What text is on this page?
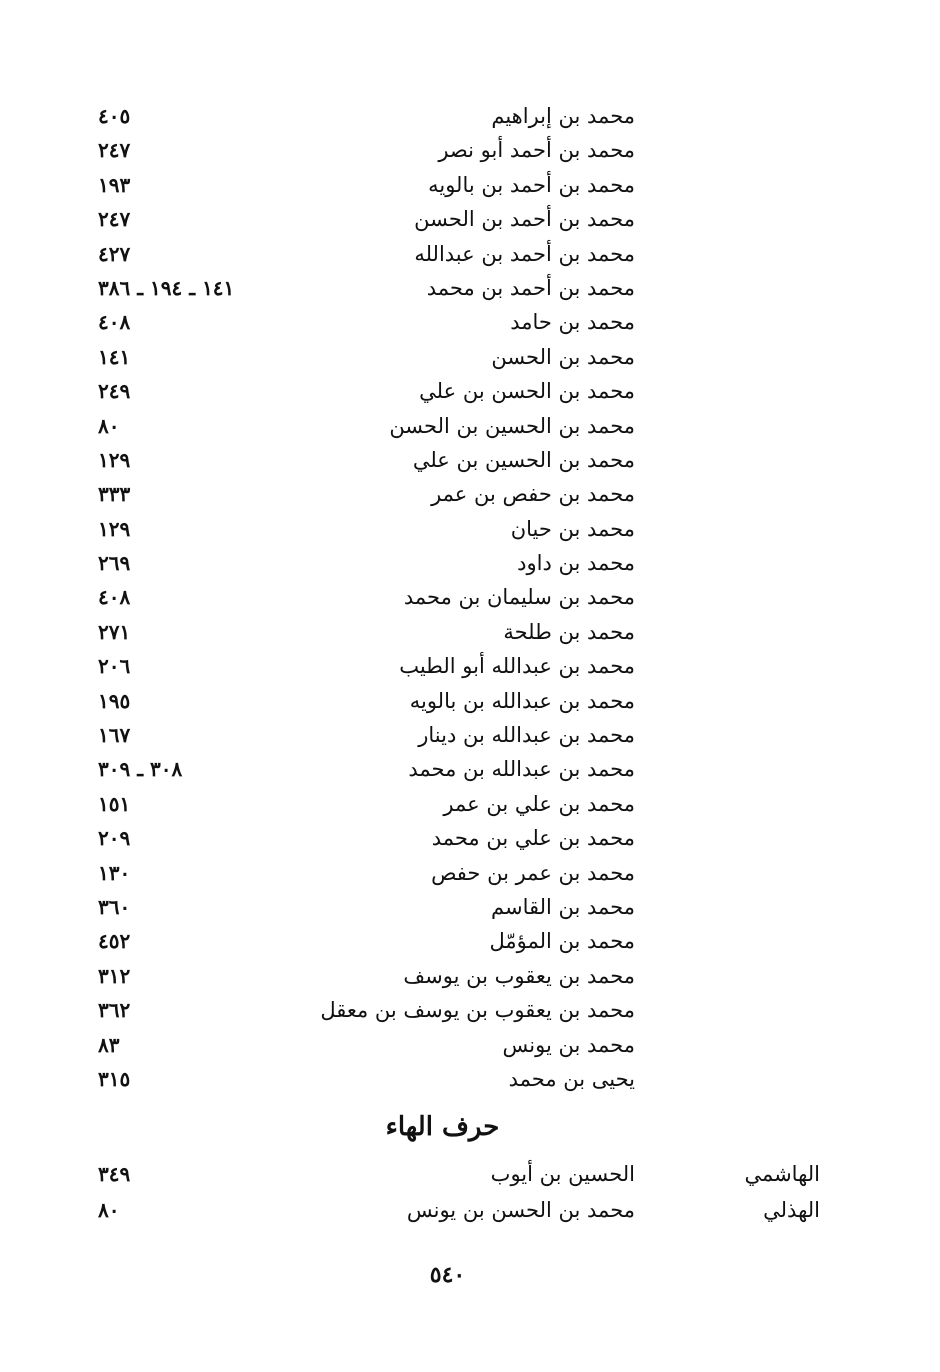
محمد بن إبراهيم
٤٠٥
محمد بن أحمد أبو نصر
٢٤٧
محمد بن أحمد بن بالويه
١٩٣
محمد بن أحمد بن الحسن
٢٤٧
محمد بن أحمد بن عبدالله
٤٢٧
محمد بن أحمد بن محمد
١٤١ ـ ١٩٤ ـ ٣٨٦
محمد بن حامد
٤٠٨
محمد بن الحسن
١٤١
محمد بن الحسن بن علي
٢٤٩
محمد بن الحسين بن الحسن
٨٠
محمد بن الحسين بن علي
١٢٩
محمد بن حفص بن عمر
٣٣٣
محمد بن حيان
١٢٩
محمد بن داود
٢٦٩
محمد بن سليمان بن محمد
٤٠٨
محمد بن طلحة
٢٧١
محمد بن عبدالله أبو الطيب
٢٠٦
محمد بن عبدالله بن بالويه
١٩٥
محمد بن عبدالله بن دينار
١٦٧
محمد بن عبدالله بن محمد
٣٠٨ ـ ٣٠٩
محمد بن علي بن عمر
١٥١
محمد بن علي بن محمد
٢٠٩
محمد بن عمر بن حفص
١٣٠
محمد بن القاسم
٣٦٠
محمد بن المؤمّل
٤٥٢
محمد بن يعقوب بن يوسف
٣١٢
محمد بن يعقوب بن يوسف بن معقل
٣٦٢
محمد بن يونس
٨٣
يحيى بن محمد
٣١٥
حرف الهاء
الهاشمي
الحسين بن أيوب
٣٤٩
الهذلي
محمد بن الحسن بن يونس
٨٠
٥٤٠
